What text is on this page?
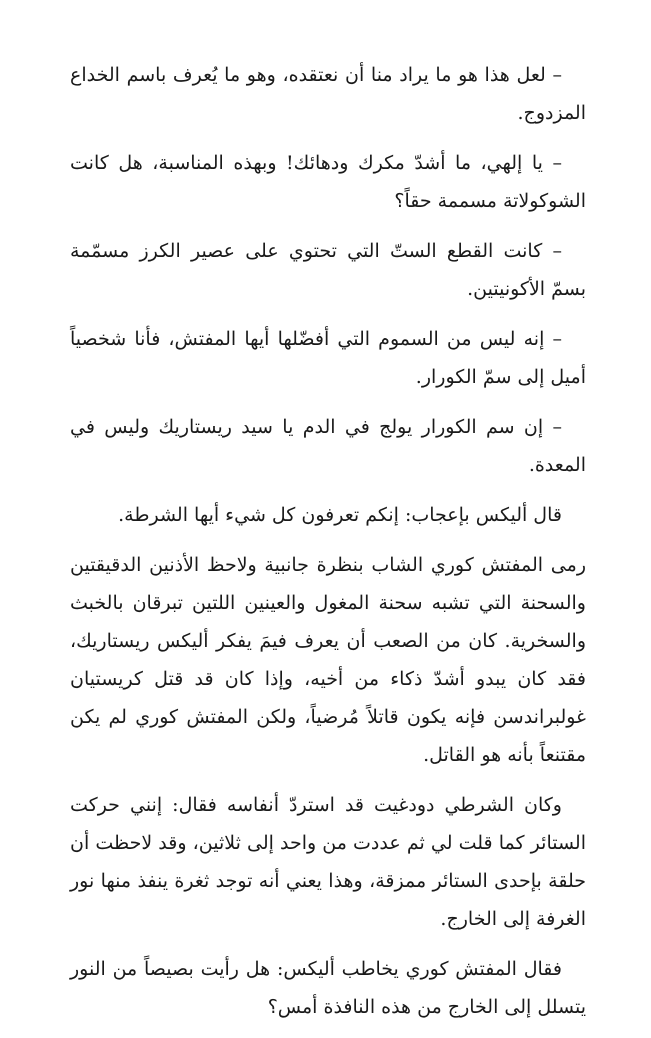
– لعل هذا هو ما يراد منا أن نعتقده، وهو ما يُعرف باسم الخداع المزدوج.

– يا إلهي، ما أشدّ مكرك ودهائك! وبهذه المناسبة، هل كانت الشوكولاتة مسممة حقاً؟

– كانت القطع الستّ التي تحتوي على عصير الكرز مسمّمة بسمّ الأكونيتين.

– إنه ليس من السموم التي أفضّلها أيها المفتش، فأنا شخصياً أميل إلى سمّ الكورار.

– إن سم الكورار يولج في الدم يا سيد ريستاريك وليس في المعدة.

قال أليكس بإعجاب: إنكم تعرفون كل شيء أيها الشرطة.

رمى المفتش كوري الشاب بنظرة جانبية ولاحظ الأذنين الدقيقتين والسحنة التي تشبه سحنة المغول والعينين اللتين تبرقان بالخبث والسخرية. كان من الصعب أن يعرف فيمَ يفكر أليكس ريستاريك، فقد كان يبدو أشدّ ذكاء من أخيه، وإذا كان قد قتل كريستيان غولبراندسن فإنه يكون قاتلاً مُرضياً، ولكن المفتش كوري لم يكن مقتنعاً بأنه هو القاتل.

وكان الشرطي دودغيت قد استردّ أنفاسه فقال: إنني حركت الستائر كما قلت لي ثم عددت من واحد إلى ثلاثين، وقد لاحظت أن حلقة بإحدى الستائر ممزقة، وهذا يعني أنه توجد ثغرة ينفذ منها نور الغرفة إلى الخارج.

فقال المفتش كوري يخاطب أليكس: هل رأيت بصيصاً من النور يتسلل إلى الخارج من هذه النافذة أمس؟
